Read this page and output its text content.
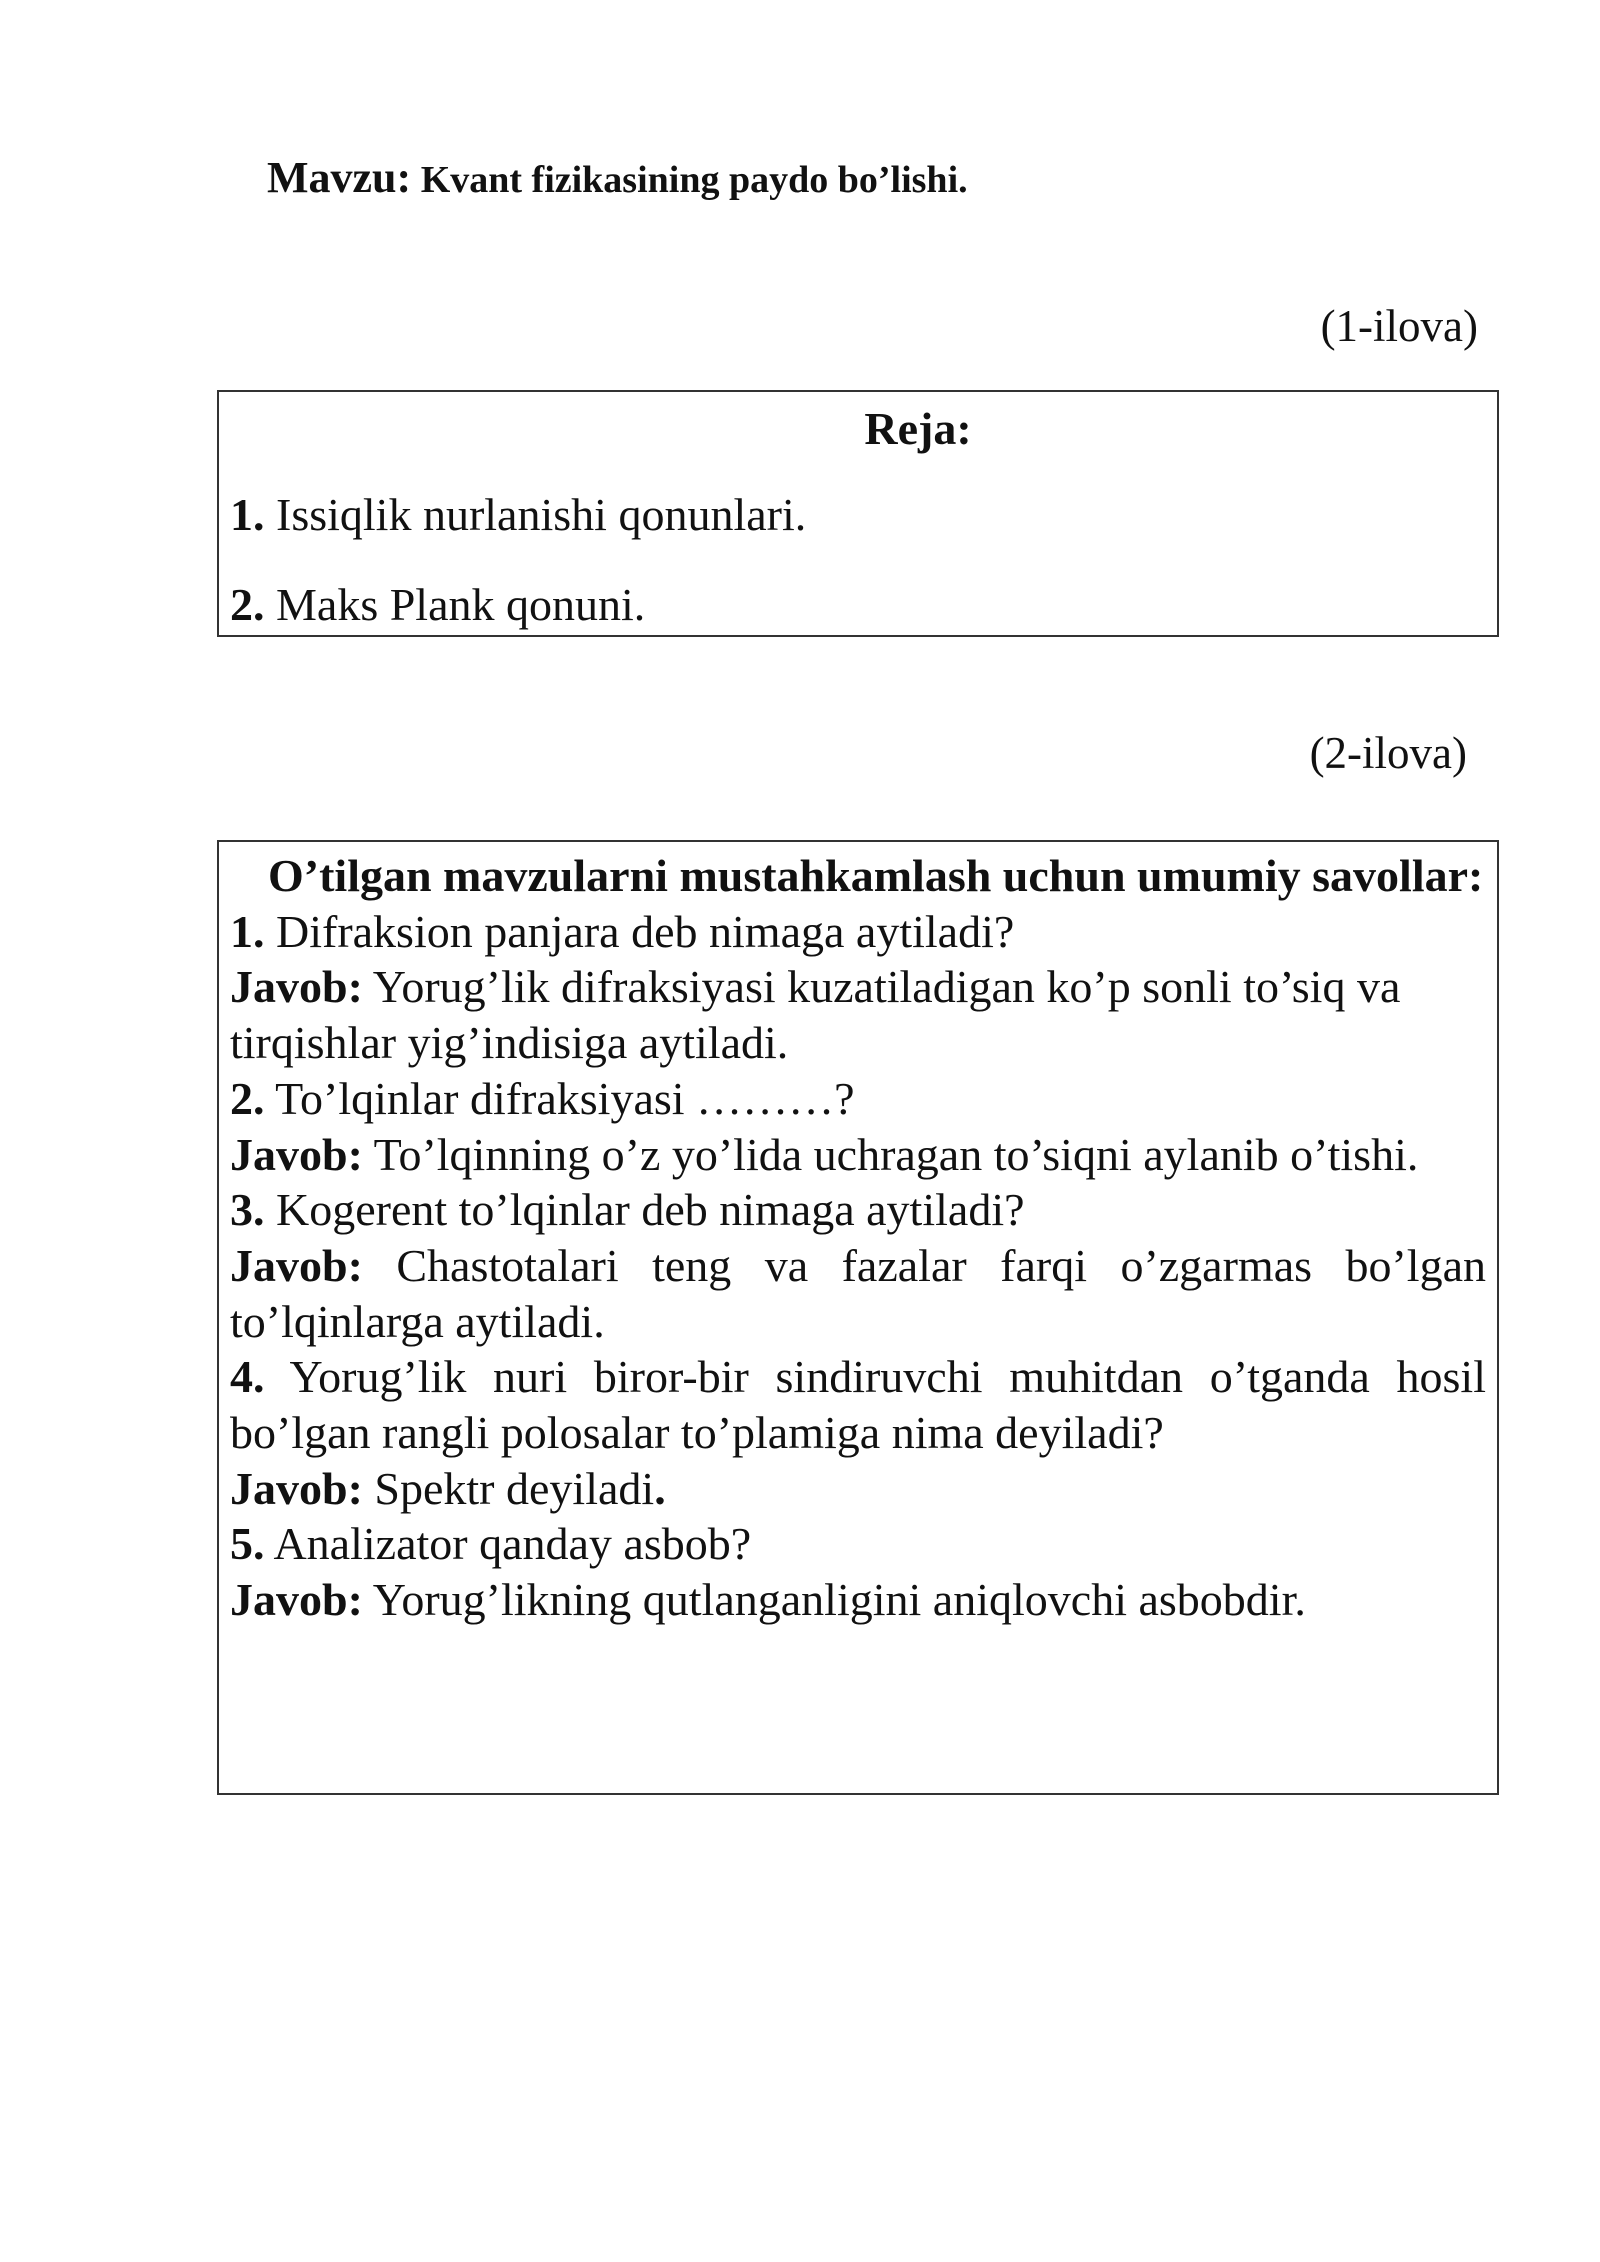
Mavzu: Kvant fizikasining paydo bo’lishi.
(1-ilova)
Reja:
1. Issiqlik nurlanishi qonunlari.
2. Maks Plank qonuni.
(2-ilova)

O’tilgan mavzularni mustahkamlash uchun umumiy savollar:

1. Difraksion panjara deb nimaga aytiladi?

Javob: Yorug’lik difraksiyasi kuzatiladigan ko’p sonli to’siq va tirqishlar yig’indisiga aytiladi.

2. To’lqinlar difraksiyasi ………?

Javob: To’lqinning o’z yo’lida uchragan to’siqni aylanib o’tishi.

3. Kogerent to’lqinlar deb nimaga aytiladi?

Javob: Chastotalari teng va fazalar farqi o’zgarmas bo’lgan to’lqinlarga aytiladi.

4. Yorug’lik nuri biror-bir sindiruvchi muhitdan o’tganda hosil bo’lgan rangli polosalar to’plamiga nima deyiladi?

Javob: Spektr deyiladi.

5. Analizator qanday asbob?

Javob: Yorug’likning qutlanganligini aniqlovchi asbobdir.
